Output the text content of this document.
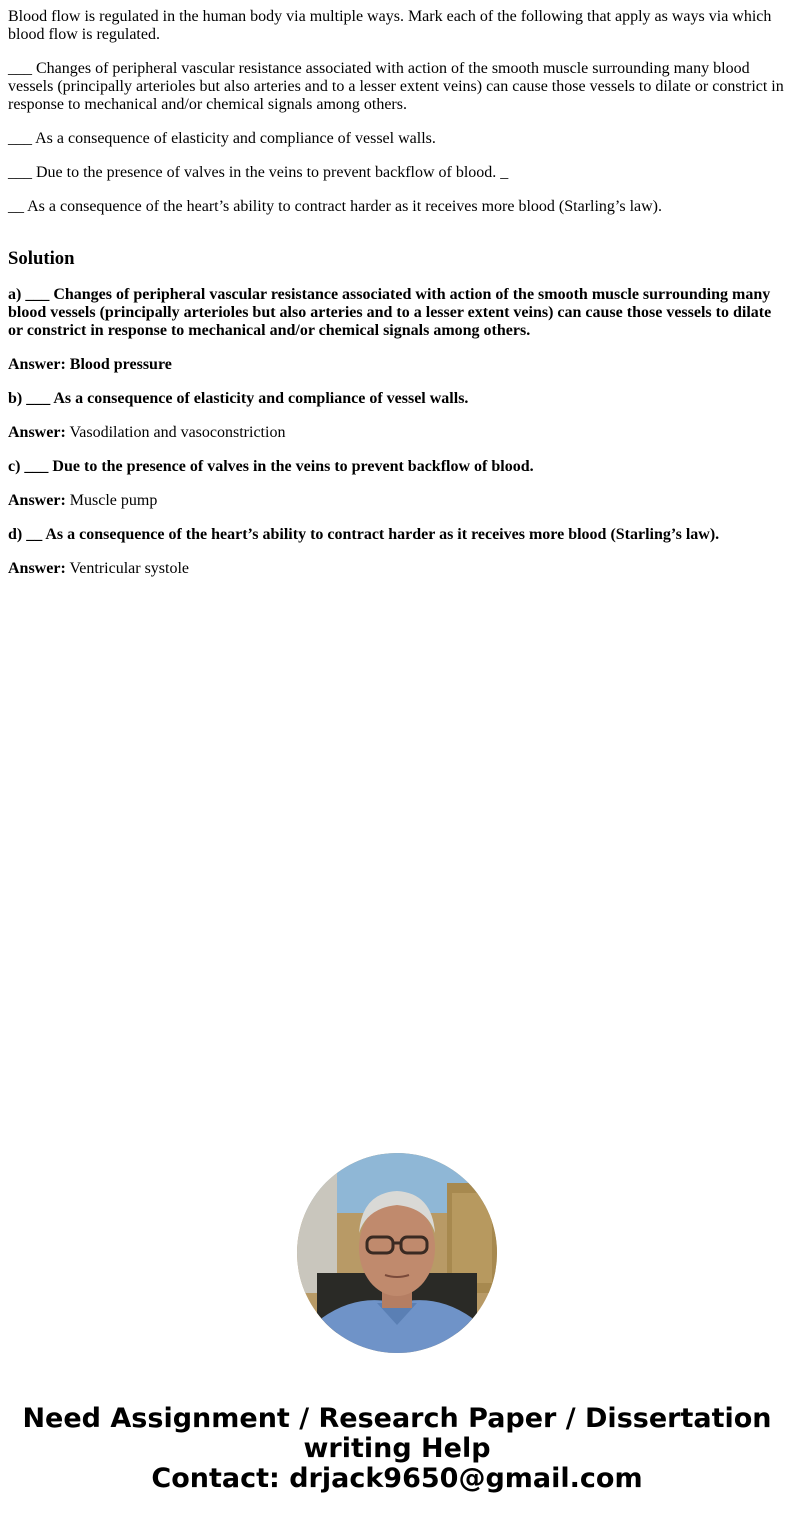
Blood flow is regulated in the human body via multiple ways. Mark each of the following that apply as ways via which blood flow is regulated.

___ Changes of peripheral vascular resistance associated with action of the smooth muscle surrounding many blood vessels (principally arterioles but also arteries and to a lesser extent veins) can cause those vessels to dilate or constrict in response to mechanical and/or chemical signals among others.

___ As a consequence of elasticity and compliance of vessel walls.

___ Due to the presence of valves in the veins to prevent backflow of blood. _

__ As a consequence of the heart’s ability to contract harder as it receives more blood (Starling’s law).

Solution

a) ___ Changes of peripheral vascular resistance associated with action of the smooth muscle surrounding many blood vessels (principally arterioles but also arteries and to a lesser extent veins) can cause those vessels to dilate or constrict in response to mechanical and/or chemical signals among others.

Answer: Blood pressure

b) ___ As a consequence of elasticity and compliance of vessel walls.

Answer: Vasodilation and vasoconstriction

c) ___ Due to the presence of valves in the veins to prevent backflow of blood.

Answer: Muscle pump

d) __ As a consequence of the heart’s ability to contract harder as it receives more blood (Starling’s law).

Answer: Ventricular systole

Need Assignment / Research Paper / Dissertation writing Help
Contact: drjack9650@gmail.com
